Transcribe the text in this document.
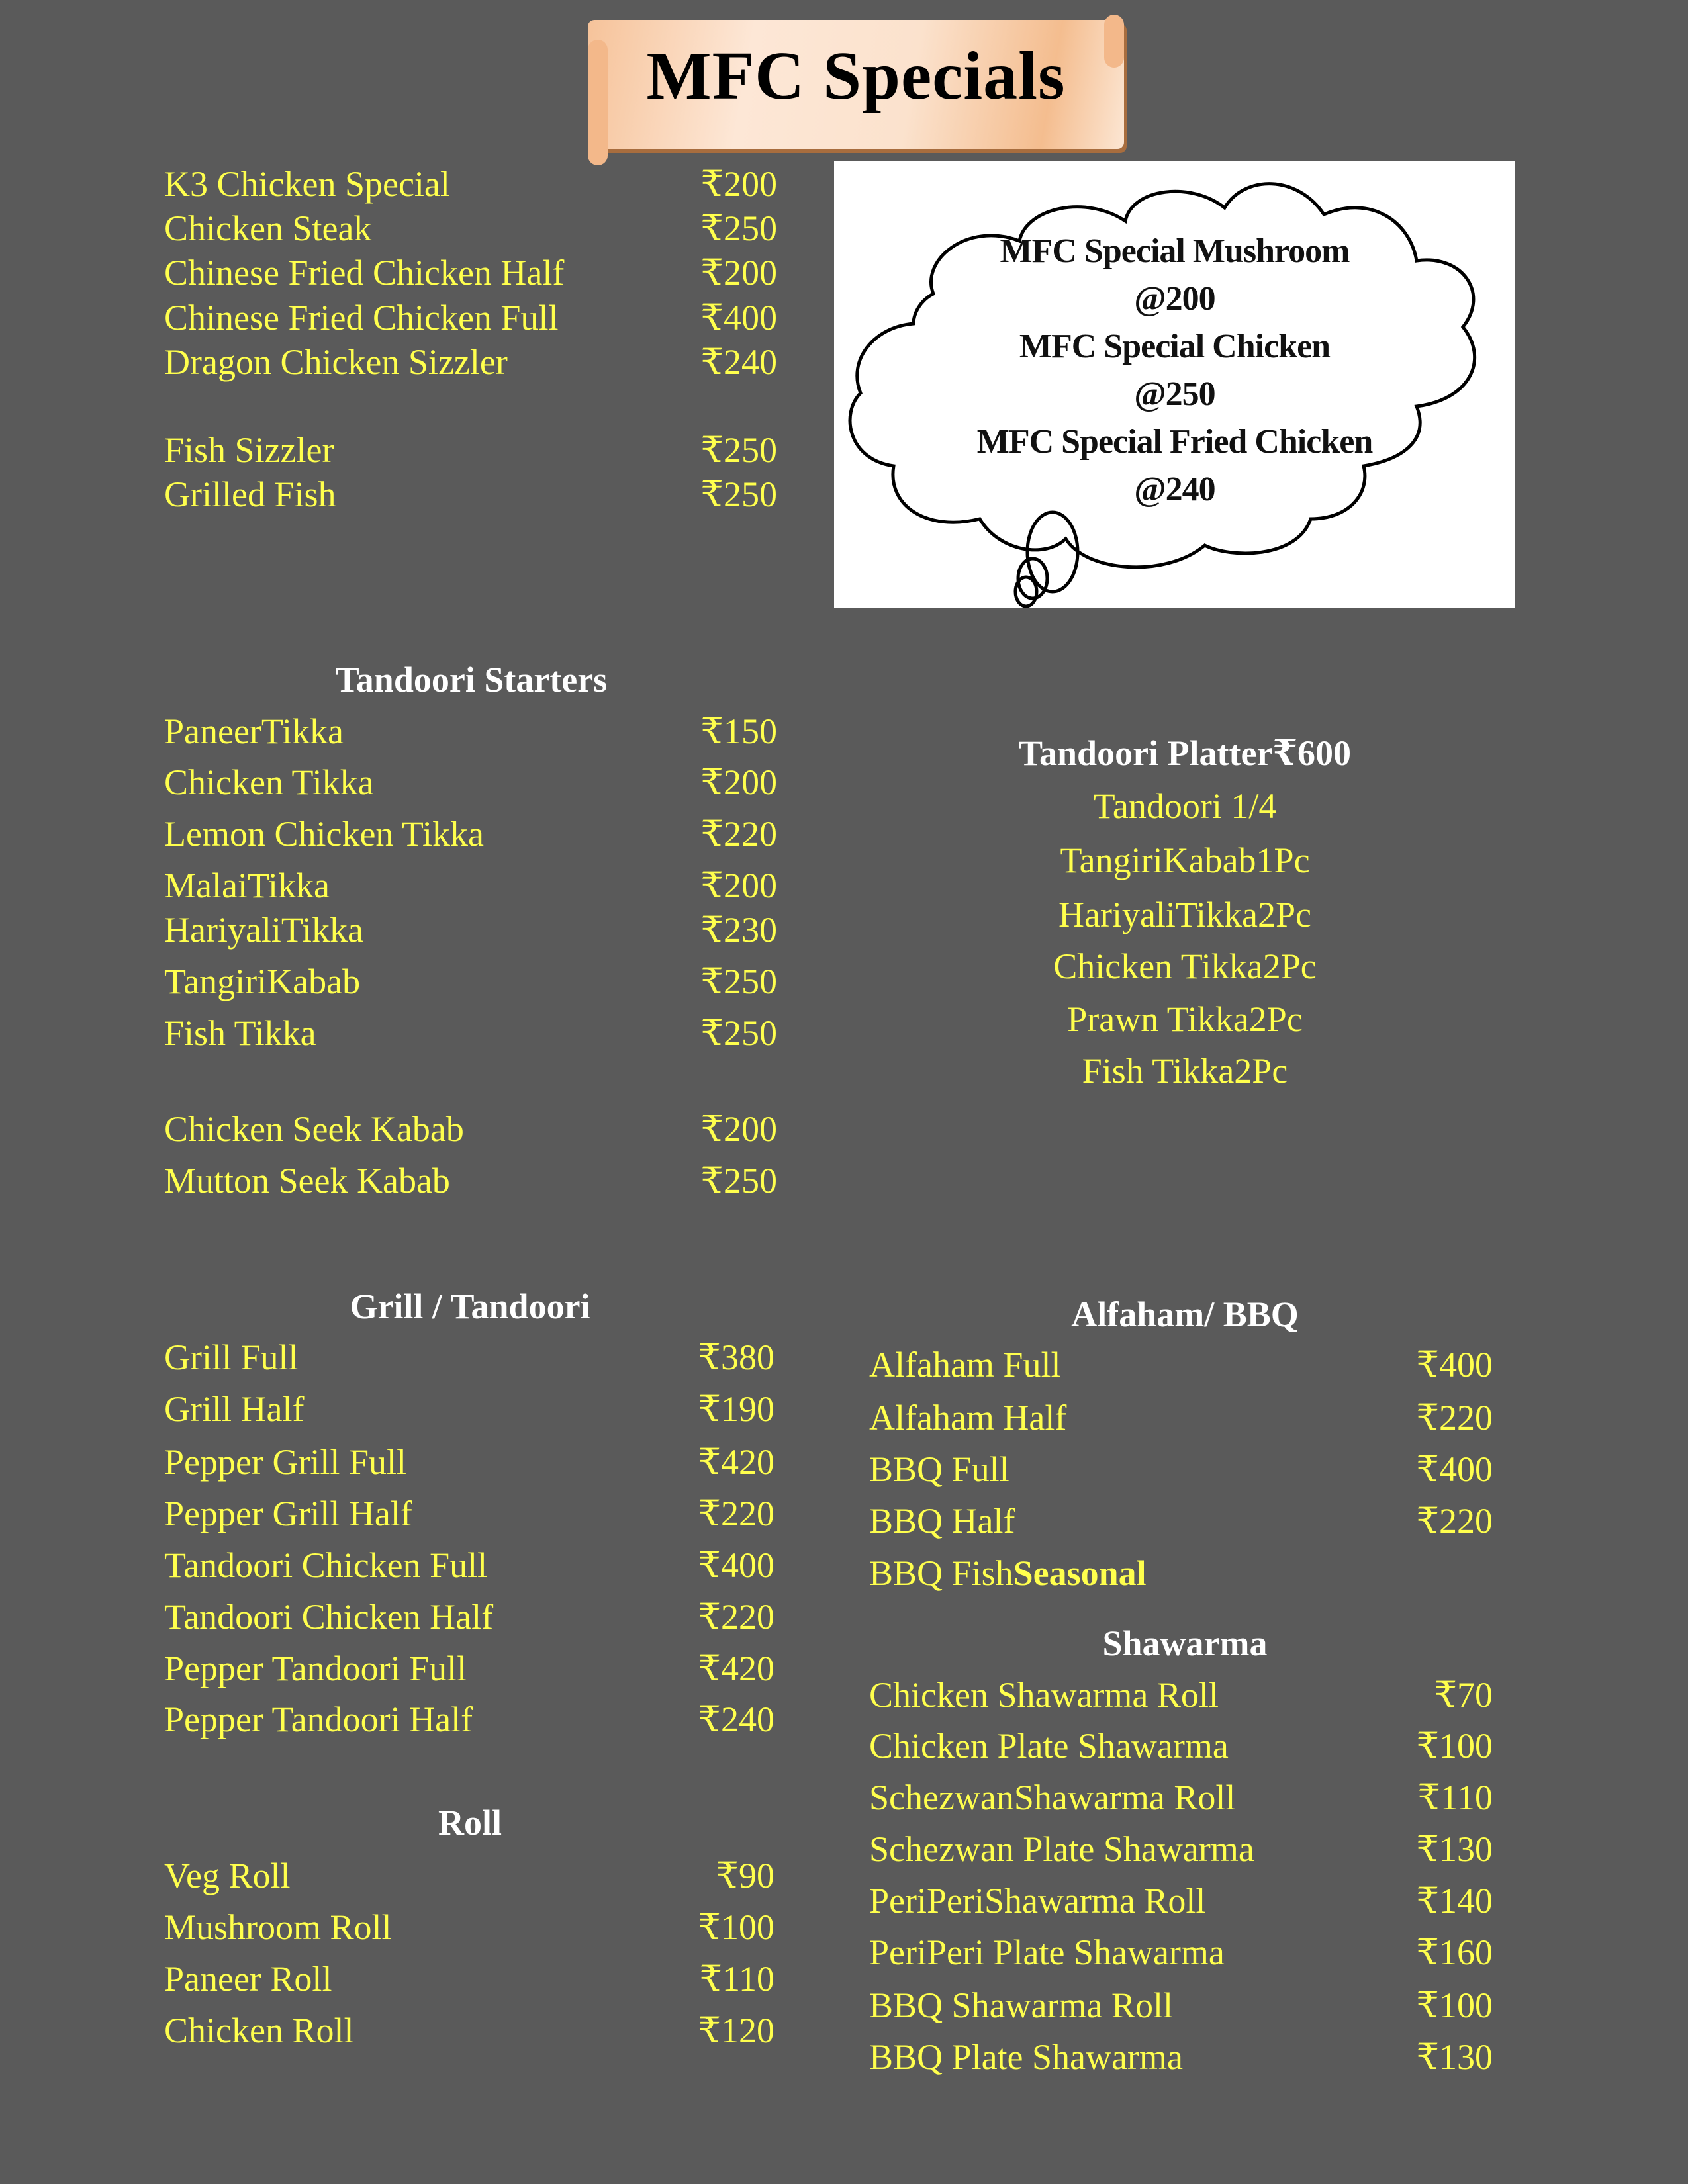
MFC Specials
MFC Special Mushroom
@200
MFC Special Chicken
@250
MFC Special Fried Chicken
@240
K3 Chicken Special	₹200
Chicken Steak	₹250
Chinese Fried Chicken Half	₹200
Chinese Fried Chicken Full	₹400
Dragon Chicken Sizzler	₹240
Fish Sizzler	₹250
Grilled Fish	₹250
Tandoori Starters
PaneerTikka	₹150
Chicken Tikka	₹200
Lemon Chicken Tikka	₹220
MalaiTikka	₹200
HariyaliTikka	₹230
TangiriKabab	₹250
Fish Tikka	₹250
Chicken Seek Kabab	₹200
Mutton Seek Kabab	₹250
Tandoori Platter₹600
Tandoori 1/4
TangiriKabab1Pc
HariyaliTikka2Pc
Chicken Tikka2Pc
Prawn Tikka2Pc
Fish Tikka2Pc
Grill / Tandoori
Grill Full	₹380
Grill Half	₹190
Pepper Grill Full	₹420
Pepper Grill Half	₹220
Tandoori Chicken Full	₹400
Tandoori Chicken Half	₹220
Pepper Tandoori Full	₹420
Pepper Tandoori Half	₹240
Roll
Veg Roll	₹90
Mushroom Roll	₹100
Paneer Roll	₹110
Chicken Roll	₹120
Alfaham/ BBQ
Alfaham Full	₹400
Alfaham Half	₹220
BBQ Full	₹400
BBQ Half	₹220
BBQ FishSeasonal
Shawarma
Chicken Shawarma Roll	₹70
Chicken Plate Shawarma	₹100
SchezwanShawarma Roll	₹110
Schezwan Plate Shawarma	₹130
PeriPeriShawarma Roll	₹140
PeriPeri Plate Shawarma	₹160
BBQ Shawarma Roll	₹100
BBQ Plate Shawarma	₹130
